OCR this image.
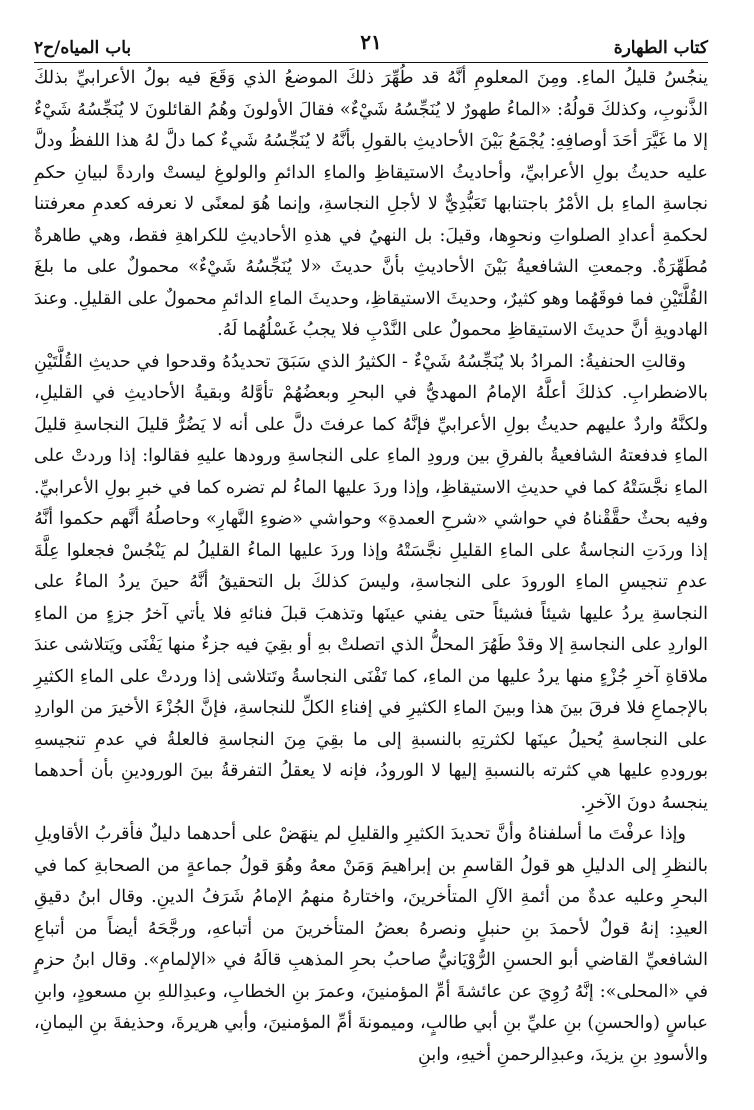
كتاب الطهارة
٢١
باب المياه/ح٢

ينجُسُ قليلُ الماءِ. ومِنَ المعلومِ أنَّهُ قد طُهِّرَ ذلكَ الموضعُ الذي وَقَعَ فيه بولُ الأعرابيِّ بذلكَ الذَّنوبِ، وكذلكَ قولُهُ: «الماءُ طهورٌ لا يُنَجِّسُهُ شَيْءٌ» فقالَ الأولونَ وهُمُ القائلونَ لا يُنَجِّسُهُ شَيْءٌ إلا ما غَيَّرَ أحَدَ أوصافِهِ: يُجْمَعُ بَيْنَ الأحاديثِ بالقولِ بأنَّهُ لا يُنَجِّسُهُ شَيءٌ كما دلَّ لهُ هذا اللفظُ ودلَّ عليه حديثُ بولِ الأعرابيِّ، وأحاديثُ الاستيقاظِ والماءِ الدائمِ والولوغِ ليستْ واردةً لبيانِ حكمِ نجاسةِ الماءِ بل الأمْرُ باجتنابها تَعَبُّدِيٌّ لا لأجلِ النجاسةِ، وإنما هُوَ لمعنًى لا نعرفه كعدمِ معرفتنا لحكمةِ أعدادِ الصلواتِ ونحوِها، وقيلَ: بل النهيُ في هذهِ الأحاديثِ للكراهةِ فقط، وهي طاهرةٌ مُطَهِّرَةٌ. وجمعتِ الشافعيةُ بَيْنَ الأحاديثِ بأنَّ حديثَ «لا يُنَجِّسُهُ شَيْءٌ» محمولٌ على ما بلغَ القُلَّتَيْنِ فما فوقَهُما وهو كثيرٌ، وحديثَ الاستيقاظِ، وحديثَ الماءِ الدائمِ محمولٌ على القليلِ. وعندَ الهادويةِ أنَّ حديثَ الاستيقاظِ محمولٌ على النَّدْبِ فلا يجبُ غَسْلُهُما لَهُ.

وقالتِ الحنفيةُ: المرادُ بلا يُنَجِّسُهُ شَيْءٌ - الكثيرُ الذي سَبَقَ تحديدُهُ وقدحوا في حديثِ القُلَّتَيْنِ بالاضطرابِ. كذلكَ أعلَّهُ الإمامُ المهديُّ في البحرِ وبعضُهُمْ تأوَّلهُ وبقيةُ الأحاديثِ في القليلِ، ولكنَّهُ واردٌ عليهم حديثُ بولِ الأعرابيِّ فإنَّهُ كما عرفتَ دلَّ على أنه لا يَضُرُّ قليلَ النجاسةِ قليلَ الماءِ فدفعتهُ الشافعيةُ بالفرقِ بين ورودِ الماءِ على النجاسةِ ورودها عليهِ فقالوا: إذا وردتْ على الماءِ نجَّسَتْهُ كما في حديثِ الاستيقاظِ، وإذا وردَ عليها الماءُ لم تضره كما في خبرِ بولِ الأعرابيِّ. وفيه بحثٌ حقَّقْناهُ في حواشي «شرحِ العمدةِ» وحواشي «ضوءِ النَّهارِ» وحاصلُهُ أنَّهم حكموا أنَّهُ إذا وردَتِ النجاسةُ على الماءِ القليلِ نجَّسَتْهُ وإذا وردَ عليها الماءُ القليلُ لم يَنْجُسْ فجعلوا عِلَّةَ عدمِ تنجيسِ الماءِ الورودَ على النجاسةِ، وليسَ كذلكَ بل التحقيقُ أنَّهُ حينَ يردُ الماءُ على النجاسةِ يردُ عليها شيئاً فشيئاً حتى يفني عينَها وتذهبَ قبلَ فنائهِ فلا يأتي آخرُ جزءٍ من الماءِ الواردِ على النجاسةِ إلا وقدْ طَهُرَ المحلُّ الذي اتصلتْ بهِ أو بقِيَ فيه جزءٌ منها يَفْنَى ويَتلاشى عندَ ملاقاةِ آخرِ جُزْءٍ منها يردُ عليها من الماءِ، كما تَفْنَى النجاسةُ وتَتلاشى إذا وردتْ على الماءِ الكثيرِ بالإجماعِ فلا فرقَ بينَ هذا وبينَ الماءِ الكثيرِ في إفناءِ الكلِّ للنجاسةِ، فإنَّ الجُزْءَ الأخيرَ من الواردِ على النجاسةِ يُحيلُ عينَها لكثرتِهِ بالنسبةِ إلى ما بقِيَ مِنَ النجاسةِ فالعلةُ في عدمِ تنجيسهِ بورودهِ عليها هي كثرته بالنسبةِ إليها لا الورودُ، فإنه لا يعقلُ التفرقةُ بينَ الورودينِ بأن أحدهما ينجسهُ دونَ الآخرِ.

وإذا عرفْتَ ما أسلفناهُ وأنَّ تحديدَ الكثيرِ والقليلِ لم ينهَضْ على أحدهما دليلٌ فأقربُ الأقاويلِ بالنظرِ إلى الدليلِ هو قولُ القاسمِ بن إبراهيمَ وَمَنْ معهُ وهُوَ قولُ جماعةٍ من الصحابةِ كما في البحرِ وعليه عدةٌ من أئمةِ الآلِ المتأخرينَ، واختارهُ منهمُ الإمامُ شَرَفُ الدينِ. وقال ابنُ دقيقِ العيدِ: إنهُ قولٌ لأحمدَ بنِ حنبلٍ ونصرهُ بعضُ المتأخرينَ من أتباعهِ، ورجَّحَهُ أيضاً من أتباعِ الشافعيِّ القاضي أبو الحسنِ الرُّوْيَانيُّ صاحبُ بحرِ المذهبِ قالَهُ في «الإلمامِ». وقال ابنُ حزمٍ في «المحلى»: إنَّهُ رُوِيَ عن عائشةَ أمِّ المؤمنينَ، وعمرَ بنِ الخطابِ، وعبدِاللهِ بنِ مسعودٍ، وابنِ عباسٍ (والحسنِ) بنِ عليِّ بنِ أبي طالبٍ، وميمونةَ أمِّ المؤمنينَ، وأبي هريرةَ، وحذيفةَ بنِ اليمانِ، والأسودِ بنِ يزيدَ، وعبدِالرحمنِ أخيهِ، وابنِ
